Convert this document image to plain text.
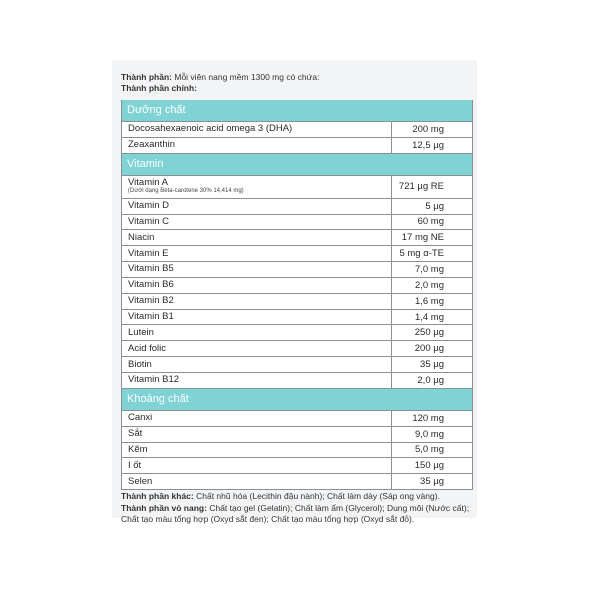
Thành phần: Mỗi viên nang mềm 1300 mg có chứa:
Thành phần chính:
Dưỡng chất
Docosahexaenoic acid omega 3 (DHA)	200 mg
Zeaxanthin	12,5 µg
Vitamin
Vitamin A
(Dưới dạng Beta-carotene 30% 14,414 mg)	721 µg RE
Vitamin D	5 µg
Vitamin C	60 mg
Niacin	17 mg NE
Vitamin E	5 mg α-TE
Vitamin B5	7,0 mg
Vitamin B6	2,0 mg
Vitamin B2	1,6 mg
Vitamin B1	1,4 mg
Lutein	250 µg
Acid folic	200 µg
Biotin	35 µg
Vitamin B12	2,0 µg
Khoáng chất
Canxi	120 mg
Sắt	9,0 mg
Kẽm	5,0 mg
I ốt	150 µg
Selen	35 µg
Thành phần khác: Chất nhũ hóa (Lecithin đậu nành); Chất làm dày (Sáp ong vàng).
Thành phần vỏ nang: Chất tạo gel (Gelatin); Chất làm ẩm (Glycerol); Dung môi (Nước cất); Chất tạo màu tổng hợp (Oxyd sắt đen); Chất tạo màu tổng hợp (Oxyd sắt đỏ).
